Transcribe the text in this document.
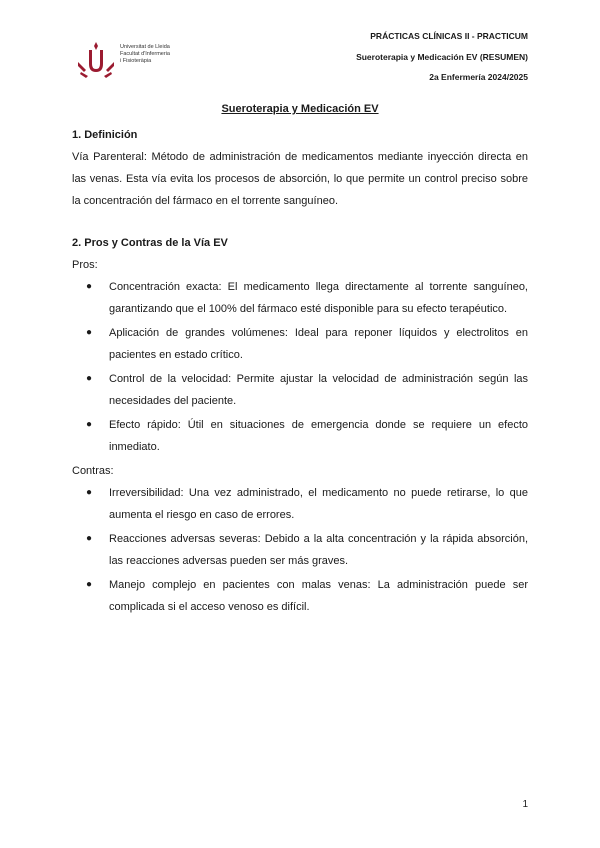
PRÁCTICAS CLÍNICAS II - PRACTICUM
Sueroterapia y Medicación EV (RESUMEN)
2a Enfermería 2024/2025
Universitat de Lleida
Facultat d'Infermeria
i Fisioteràpia
Sueroterapia y Medicación EV
1. Definición
Vía Parenteral: Método de administración de medicamentos mediante inyección directa en las venas. Esta vía evita los procesos de absorción, lo que permite un control preciso sobre la concentración del fármaco en el torrente sanguíneo.
2. Pros y Contras de la Vía EV
Pros:
● Concentración exacta: El medicamento llega directamente al torrente sanguíneo, garantizando que el 100% del fármaco esté disponible para su efecto terapéutico.
● Aplicación de grandes volúmenes: Ideal para reponer líquidos y electrolitos en pacientes en estado crítico.
● Control de la velocidad: Permite ajustar la velocidad de administración según las necesidades del paciente.
● Efecto rápido: Útil en situaciones de emergencia donde se requiere un efecto inmediato.
Contras:
● Irreversibilidad: Una vez administrado, el medicamento no puede retirarse, lo que aumenta el riesgo en caso de errores.
● Reacciones adversas severas: Debido a la alta concentración y la rápida absorción, las reacciones adversas pueden ser más graves.
● Manejo complejo en pacientes con malas venas: La administración puede ser complicada si el acceso venoso es difícil.
1
